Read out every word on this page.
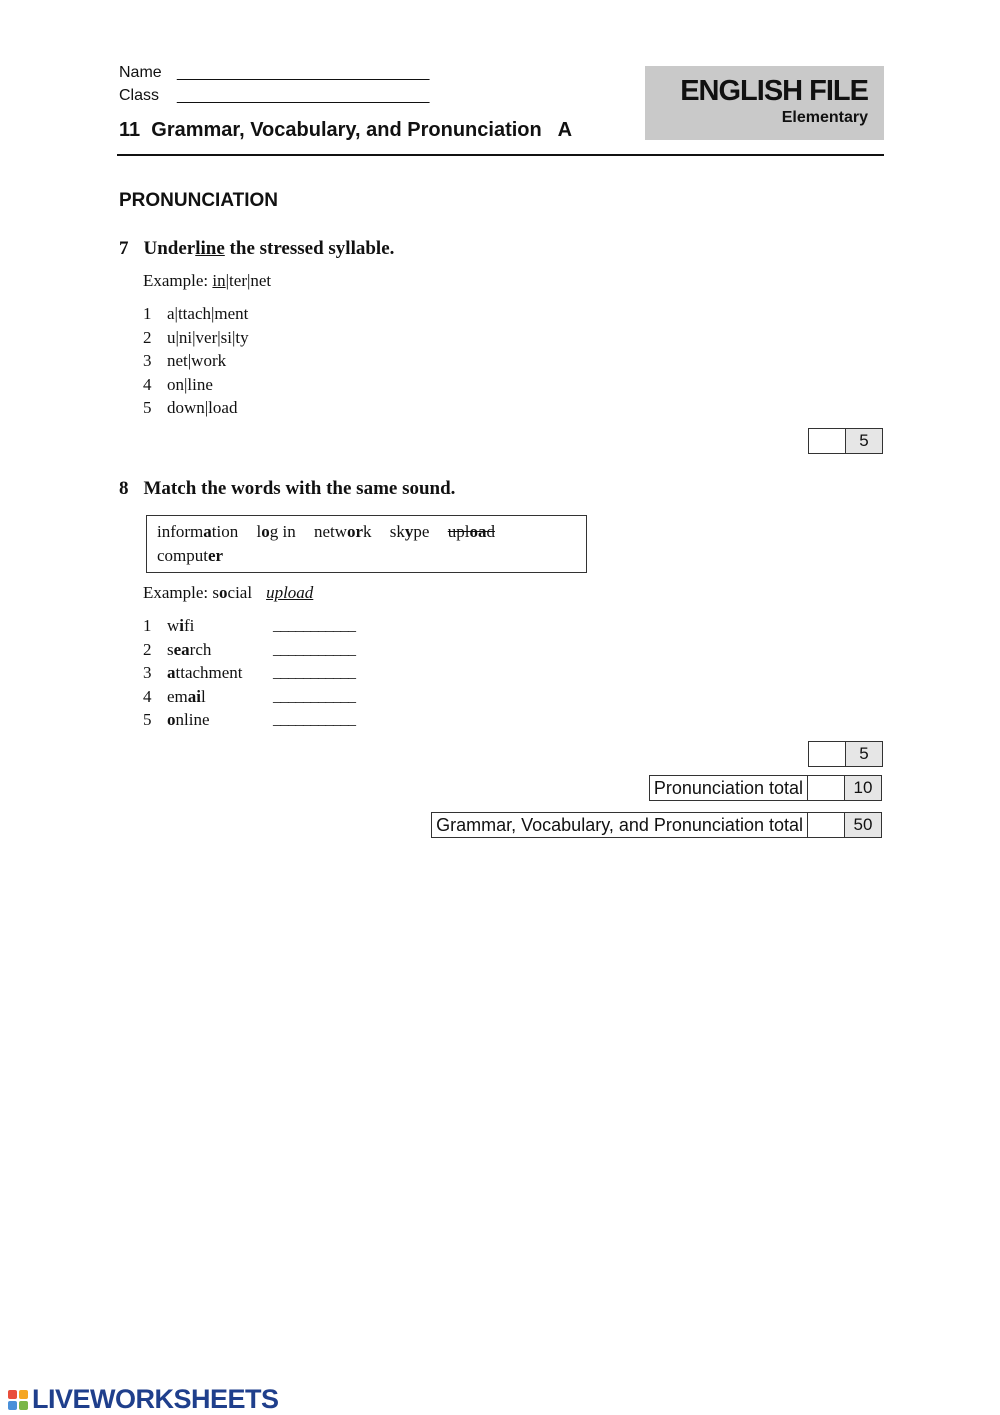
Name ______________________________
Class ______________________________
11  Grammar, Vocabulary, and Pronunciation   A
ENGLISH FILE
Elementary
PRONUNCIATION
7 Underline the stressed syllable.
Example: in|ter|net
1 a|ttach|ment
2 u|ni|ver|si|ty
3 net|work
4 on|line
5 down|load
5
8 Match the words with the same sound.
information log in network skype upload
computer
Example: social upload
1 wifi	___________
2 search	___________
3 attachment	___________
4 email	___________
5 online	___________
5
Pronunciation total	10
Grammar, Vocabulary, and Pronunciation total	50
LIVEWORKSHEETS
